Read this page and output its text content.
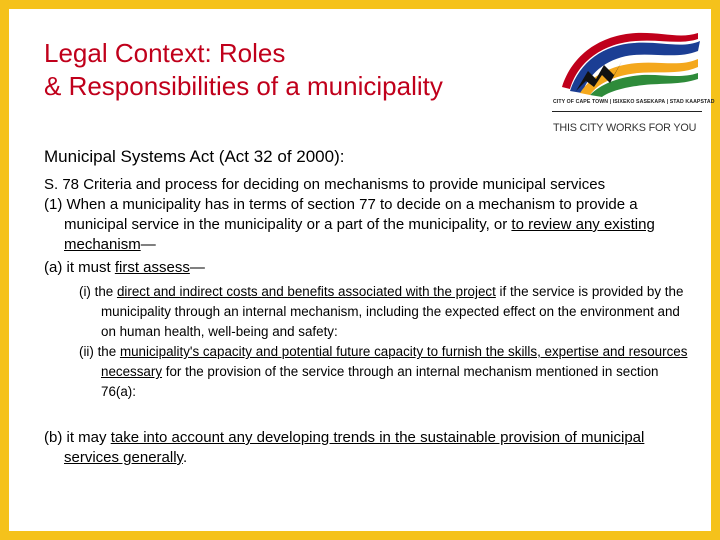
Legal Context: Roles
& Responsibilities of a municipality
CITY OF CAPE TOWN | ISIXEKO SASEKAPA | STAD KAAPSTAD
THIS CITY WORKS FOR YOU

Municipal Systems Act (Act 32 of 2000):

S. 78 Criteria and process for deciding on mechanisms to provide municipal services

(1) When a municipality has in terms of section 77 to decide on a mechanism to provide a municipal service in the municipality or a part of the municipality, or to review any existing mechanism—

(a) it must first assess—

(i) the direct and indirect costs and benefits associated with the project if the service is provided by the municipality through an internal mechanism, including the expected effect on the environment and on human health, well-being and safety:

(ii) the municipality's capacity and potential future capacity to furnish the skills, expertise and resources necessary for the provision of the service through an internal mechanism mentioned in section 76(a):

(b) it may take into account any developing trends in the sustainable provision of municipal services generally.
